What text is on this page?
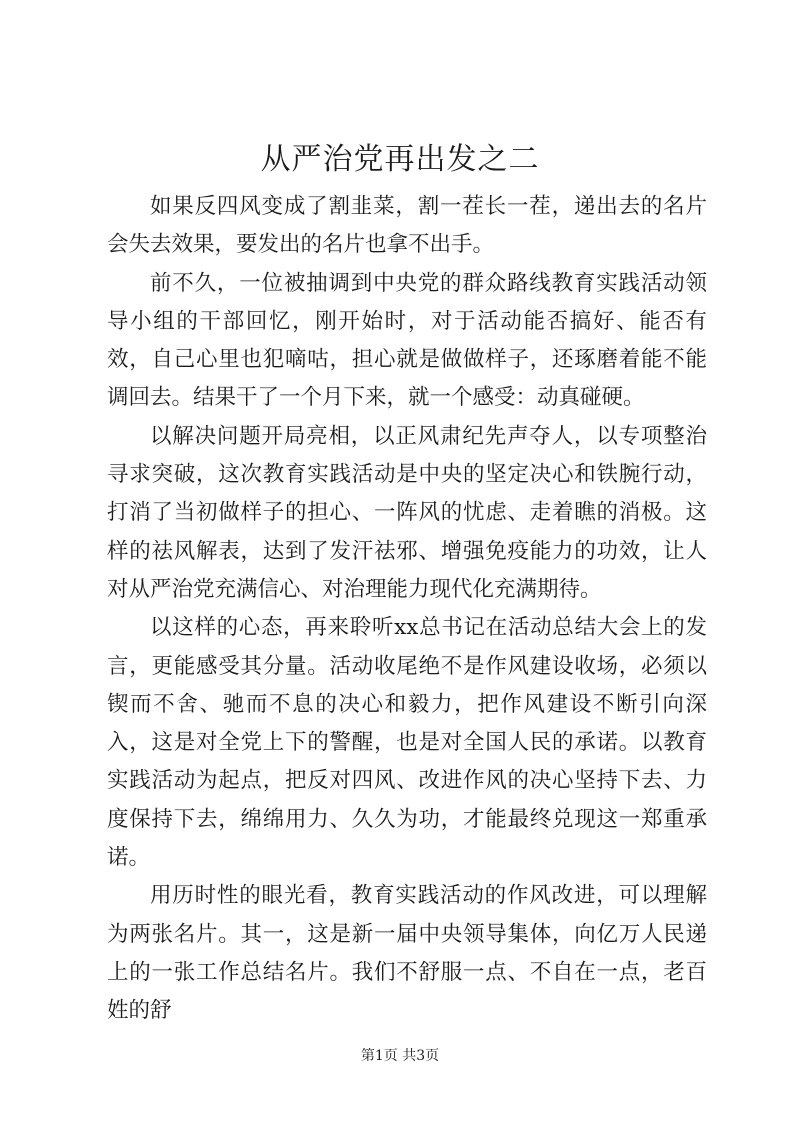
从严治党再出发之二

如果反四风变成了割韭菜，割一茬长一茬，递出去的名片会失去效果，要发出的名片也拿不出手。

前不久，一位被抽调到中央党的群众路线教育实践活动领导小组的干部回忆，刚开始时，对于活动能否搞好、能否有效，自己心里也犯嘀咕，担心就是做做样子，还琢磨着能不能调回去。结果干了一个月下来，就一个感受：动真碰硬。

以解决问题开局亮相，以正风肃纪先声夺人，以专项整治寻求突破，这次教育实践活动是中央的坚定决心和铁腕行动，打消了当初做样子的担心、一阵风的忧虑、走着瞧的消极。这样的祛风解表，达到了发汗祛邪、增强免疫能力的功效，让人对从严治党充满信心、对治理能力现代化充满期待。

以这样的心态，再来聆听xx总书记在活动总结大会上的发言，更能感受其分量。活动收尾绝不是作风建设收场，必须以锲而不舍、驰而不息的决心和毅力，把作风建设不断引向深入，这是对全党上下的警醒，也是对全国人民的承诺。以教育实践活动为起点，把反对四风、改进作风的决心坚持下去、力度保持下去，绵绵用力、久久为功，才能最终兑现这一郑重承诺。

用历时性的眼光看，教育实践活动的作风改进，可以理解为两张名片。其一，这是新一届中央领导集体，向亿万人民递上的一张工作总结名片。我们不舒服一点、不自在一点，老百姓的舒

第1页 共3页
